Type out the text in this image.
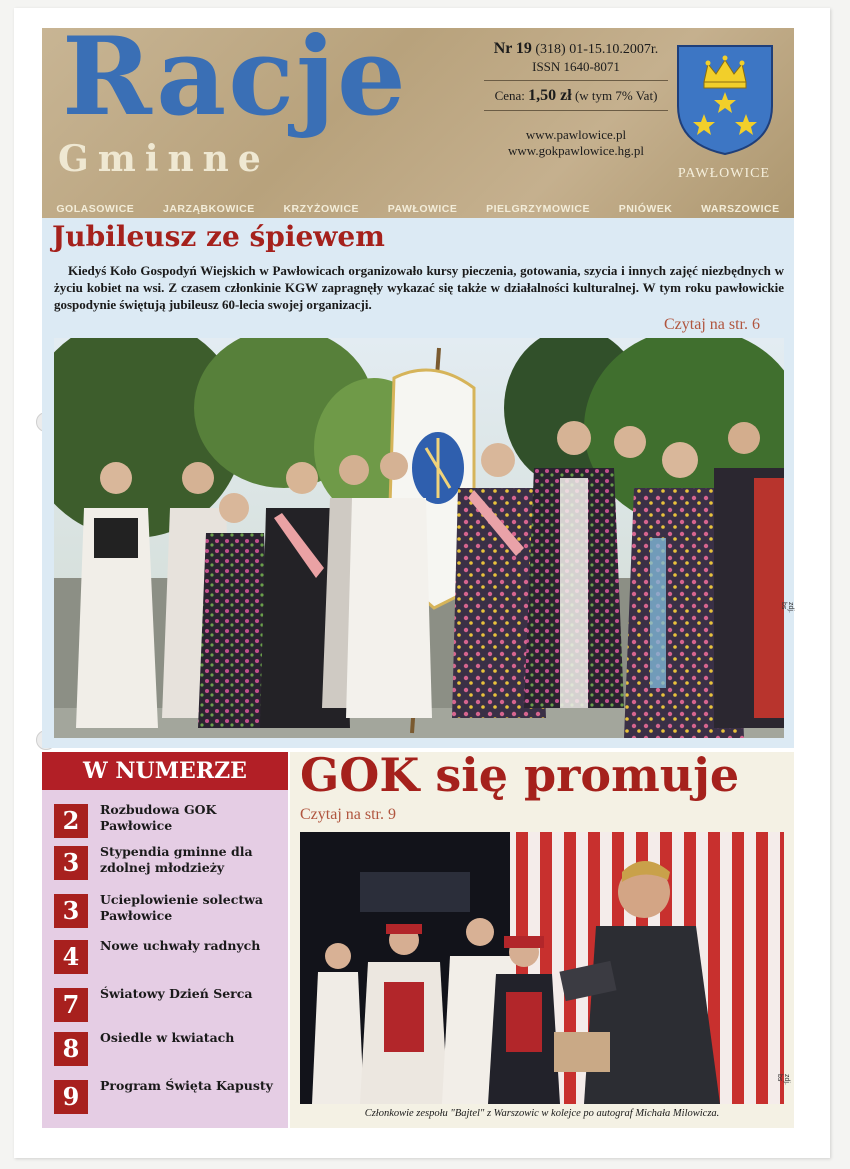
Racje
Gminne
Nr 19 (318) 01-15.10.2007r.
ISSN 1640-8071
Cena: 1,50 zł (w tym 7% Vat)
www.pawlowice.pl
www.gokpawlowice.hg.pl
PAWŁOWICE
GOLASOWICE	JARZĄBKOWICE	KRZYŻOWICE	PAWŁOWICE	PIELGRZYMOWICE	PNIÓWEK	WARSZOWICE
Jubileusz ze śpiewem
Kiedyś Koło Gospodyń Wiejskich w Pawłowicach organizowało kursy pieczenia, gotowania, szycia i innych zajęć niezbędnych w życiu kobiet na wsi. Z czasem członkinie KGW zapragnęły wykazać się także w działalności kulturalnej. W tym roku pawłowickie gospodynie świętują jubileusz 60-lecia swojej organizacji.
Czytaj na str. 6
zdj. bs
W NUMERZE
2	Rozbudowa GOK Pawłowice
3	Stypendia gminne dla zdolnej młodzieży
3	Ucieplowienie solectwa Pawłowice
4	Nowe uchwały radnych
7	Światowy Dzień Serca
8	Osiedle w kwiatach
9	Program Święta Kapusty
GOK się promuje
Czytaj na str. 9
zdj. bs
Członkowie zespołu "Bajtel" z Warszowic w kolejce po autograf Michała Milowicza.
